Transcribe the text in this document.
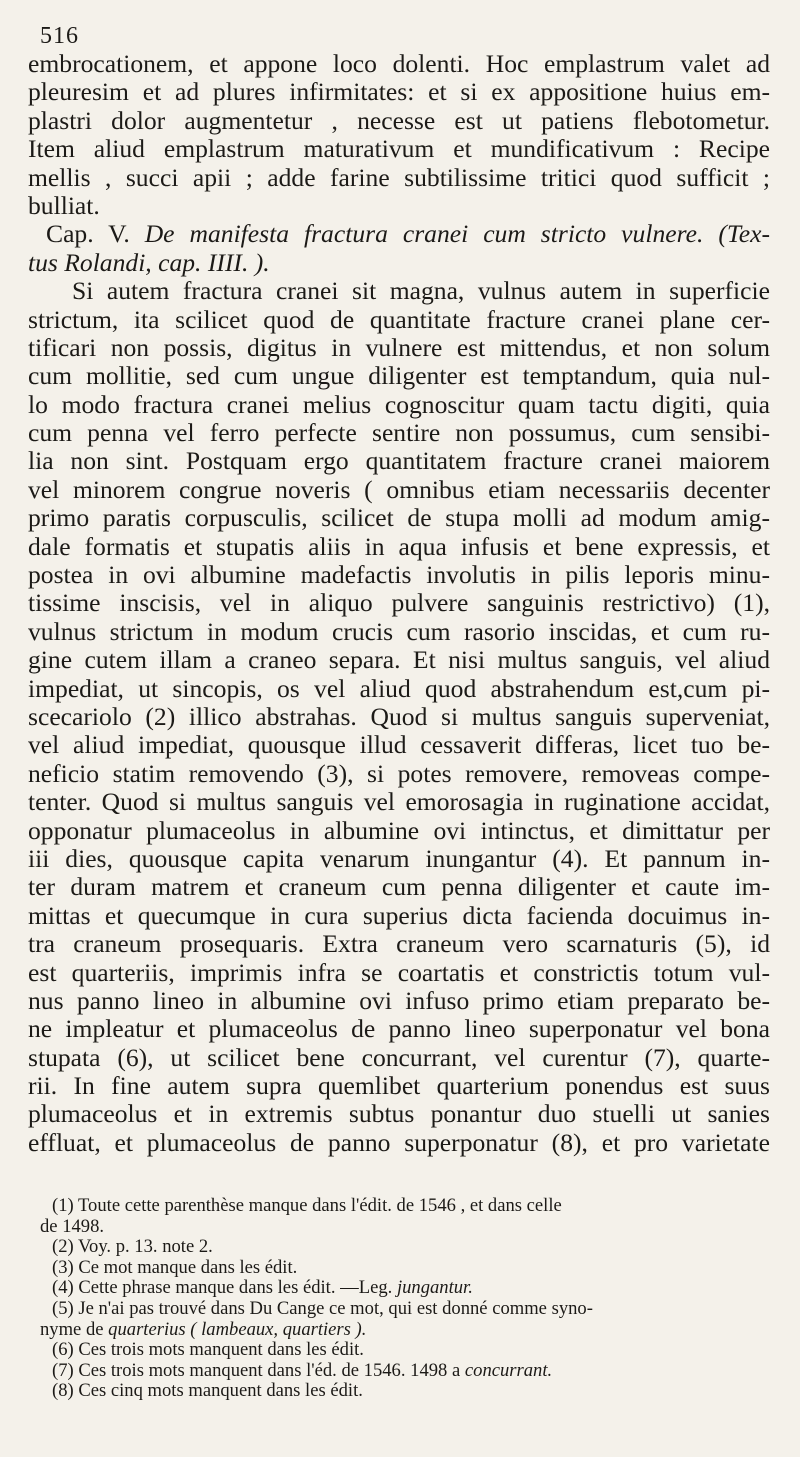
516
embrocationem, et appone loco dolenti. Hoc emplastrum valet ad
pleuresim et ad plures infirmitates: et si ex appositione huius em-
plastri dolor augmentetur , necesse est ut patiens flebotometur.
Item aliud emplastrum maturativum et mundificativum : Recipe
mellis , succi apii ; adde farine subtilissime tritici quod sufficit ;
bulliat.
Cap. V. De manifesta fractura cranei cum stricto vulnere. (Tex-
tus Rolandi, cap. IIII. ).
Si autem fractura cranei sit magna, vulnus autem in superficie
strictum, ita scilicet quod de quantitate fracture cranei plane cer-
tificari non possis, digitus in vulnere est mittendus, et non solum
cum mollitie, sed cum ungue diligenter est temptandum, quia nul-
lo modo fractura cranei melius cognoscitur quam tactu digiti, quia
cum penna vel ferro perfecte sentire non possumus, cum sensibi-
lia non sint. Postquam ergo quantitatem fracture cranei maiorem
vel minorem congrue noveris ( omnibus etiam necessariis decenter
primo paratis corpusculis, scilicet de stupa molli ad modum amig-
dale formatis et stupatis aliis in aqua infusis et bene expressis, et
postea in ovi albumine madefactis involutis in pilis leporis minu-
tissime inscisis, vel in aliquo pulvere sanguinis restrictivo) (1),
vulnus strictum in modum crucis cum rasorio inscidas, et cum ru-
gine cutem illam a craneo separa. Et nisi multus sanguis, vel aliud
impediat, ut sincopis, os vel aliud quod abstrahendum est,cum pi-
scecariolo (2) illico abstrahas. Quod si multus sanguis superveniat,
vel aliud impediat, quousque illud cessaverit differas, licet tuo be-
neficio statim removendo (3), si potes removere, removeas compe-
tenter. Quod si multus sanguis vel emorosagia in ruginatione accidat,
opponatur plumaceolus in albumine ovi intinctus, et dimittatur per
iii dies, quousque capita venarum inungantur (4). Et pannum in-
ter duram matrem et craneum cum penna diligenter et caute im-
mittas et quecumque in cura superius dicta facienda docuimus in-
tra craneum prosequaris. Extra craneum vero scarnaturis (5), id
est quarteriis, imprimis infra se coartatis et constrictis totum vul-
nus panno lineo in albumine ovi infuso primo etiam preparato be-
ne impleatur et plumaceolus de panno lineo superponatur vel bona
stupata (6), ut scilicet bene concurrant, vel curentur (7), quarte-
rii. In fine autem supra quemlibet quarterium ponendus est suus
plumaceolus et in extremis subtus ponantur duo stuelli ut sanies
effluat, et plumaceolus de panno superponatur (8), et pro varietate
(1) Toute cette parenthèse manque dans l'édit. de 1546 , et dans celle
de 1498.
(2) Voy. p. 13. note 2.
(3) Ce mot manque dans les édit.
(4) Cette phrase manque dans les édit. —Leg. jungantur.
(5) Je n'ai pas trouvé dans Du Cange ce mot, qui est donné comme syno-
nyme de quarterius ( lambeaux, quartiers ).
(6) Ces trois mots manquent dans les édit.
(7) Ces trois mots manquent dans l'éd. de 1546. 1498 a concurrant.
(8) Ces cinq mots manquent dans les édit.
